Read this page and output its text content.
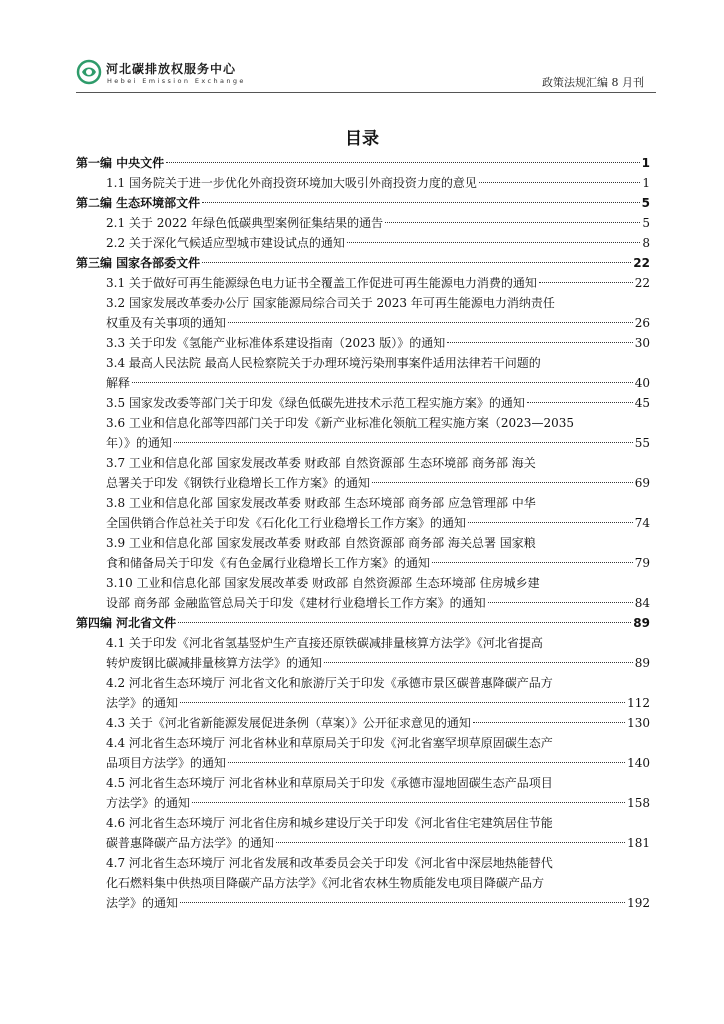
河北碳排放权服务中心
Hebei Emission Exchange	政策法规汇编 8 月刊
目录
第一编 中央文件	1
1.1 国务院关于进一步优化外商投资环境加大吸引外商投资力度的意见	1
第二编 生态环境部文件	5
2.1 关于 2022 年绿色低碳典型案例征集结果的通告	5
2.2 关于深化气候适应型城市建设试点的通知	8
第三编 国家各部委文件	22
3.1 关于做好可再生能源绿色电力证书全覆盖工作促进可再生能源电力消费的通知	22
3.2 国家发展改革委办公厅 国家能源局综合司关于 2023 年可再生能源电力消纳责任
权重及有关事项的通知	26
3.3 关于印发《氢能产业标准体系建设指南（2023 版）》的通知	30
3.4 最高人民法院 最高人民检察院关于办理环境污染刑事案件适用法律若干问题的
解释	40
3.5 国家发改委等部门关于印发《绿色低碳先进技术示范工程实施方案》的通知	45
3.6 工业和信息化部等四部门关于印发《新产业标准化领航工程实施方案（2023—2035
年）》的通知	55
3.7 工业和信息化部 国家发展改革委 财政部 自然资源部 生态环境部 商务部 海关
总署关于印发《钢铁行业稳增长工作方案》的通知	69
3.8 工业和信息化部 国家发展改革委 财政部 生态环境部 商务部 应急管理部 中华
全国供销合作总社关于印发《石化化工行业稳增长工作方案》的通知	74
3.9 工业和信息化部 国家发展改革委 财政部 自然资源部 商务部 海关总署 国家粮
食和储备局关于印发《有色金属行业稳增长工作方案》的通知	79
3.10 工业和信息化部 国家发展改革委 财政部 自然资源部 生态环境部 住房城乡建
设部 商务部 金融监管总局关于印发《建材行业稳增长工作方案》的通知	84
第四编 河北省文件	89
4.1 关于印发《河北省氢基竖炉生产直接还原铁碳减排量核算方法学》《河北省提高
转炉废钢比碳减排量核算方法学》的通知	89
4.2 河北省生态环境厅 河北省文化和旅游厅关于印发《承德市景区碳普惠降碳产品方
法学》的通知	112
4.3 关于《河北省新能源发展促进条例（草案）》公开征求意见的通知	130
4.4 河北省生态环境厅 河北省林业和草原局关于印发《河北省塞罕坝草原固碳生态产
品项目方法学》的通知	140
4.5 河北省生态环境厅 河北省林业和草原局关于印发《承德市湿地固碳生态产品项目
方法学》的通知	158
4.6 河北省生态环境厅 河北省住房和城乡建设厅关于印发《河北省住宅建筑居住节能
碳普惠降碳产品方法学》的通知	181
4.7 河北省生态环境厅 河北省发展和改革委员会关于印发《河北省中深层地热能替代
化石燃料集中供热项目降碳产品方法学》《河北省农林生物质能发电项目降碳产品方
法学》的通知	192
